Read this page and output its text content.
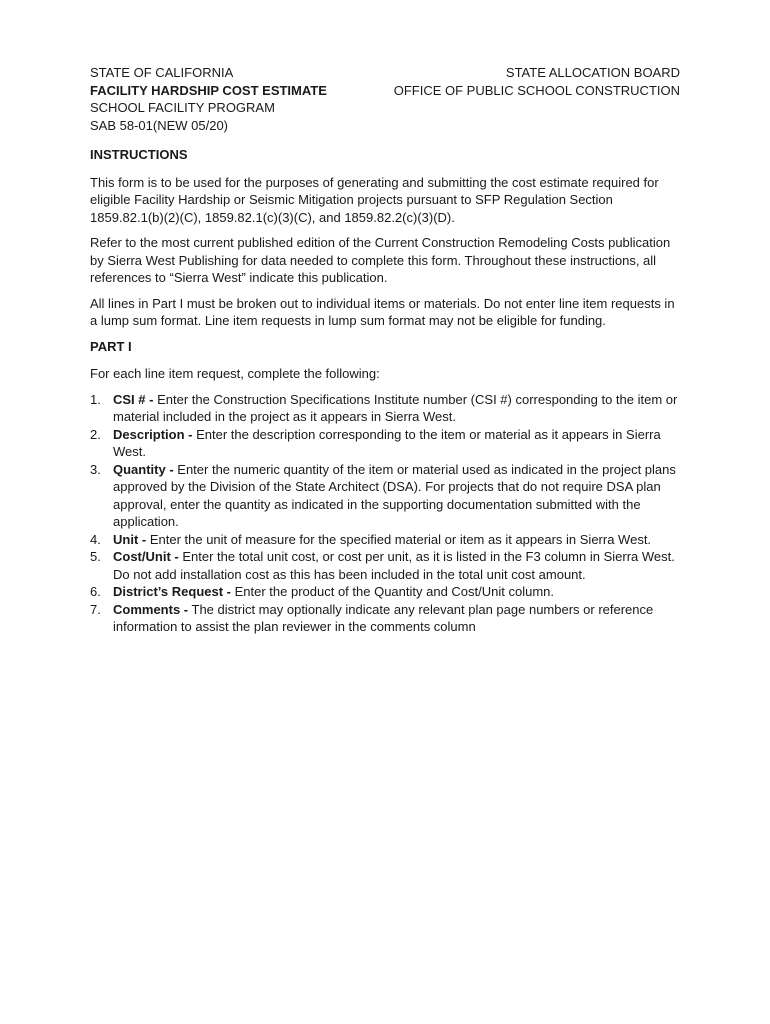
STATE OF CALIFORNIA
FACILITY HARDSHIP COST ESTIMATE
SCHOOL FACILITY PROGRAM
SAB 58-01(NEW 05/20)
STATE ALLOCATION BOARD
OFFICE OF PUBLIC SCHOOL CONSTRUCTION
INSTRUCTIONS

This form is to be used for the purposes of generating and submitting the cost estimate required for eligible Facility Hardship or Seismic Mitigation projects pursuant to SFP Regulation Section 1859.82.1(b)(2)(C), 1859.82.1(c)(3)(C), and 1859.82.2(c)(3)(D).

Refer to the most current published edition of the Current Construction Remodeling Costs publication by Sierra West Publishing for data needed to complete this form. Throughout these instructions, all references to “Sierra West” indicate this publication.

All lines in Part I must be broken out to individual items or materials. Do not enter line item requests in a lump sum format. Line item requests in lump sum format may not be eligible for funding.

PART I

For each line item request, complete the following:

1. CSI # - Enter the Construction Specifications Institute number (CSI #) corresponding to the item or material included in the project as it appears in Sierra West.
2. Description - Enter the description corresponding to the item or material as it appears in Sierra West.
3. Quantity - Enter the numeric quantity of the item or material used as indicated in the project plans approved by the Division of the State Architect (DSA). For projects that do not require DSA plan approval, enter the quantity as indicated in the supporting documentation submitted with the application.
4. Unit - Enter the unit of measure for the specified material or item as it appears in Sierra West.
5. Cost/Unit - Enter the total unit cost, or cost per unit, as it is listed in the F3 column in Sierra West. Do not add installation cost as this has been included in the total unit cost amount.
6. District’s Request - Enter the product of the Quantity and Cost/Unit column.
7. Comments - The district may optionally indicate any relevant plan page numbers or reference information to assist the plan reviewer in the comments column
